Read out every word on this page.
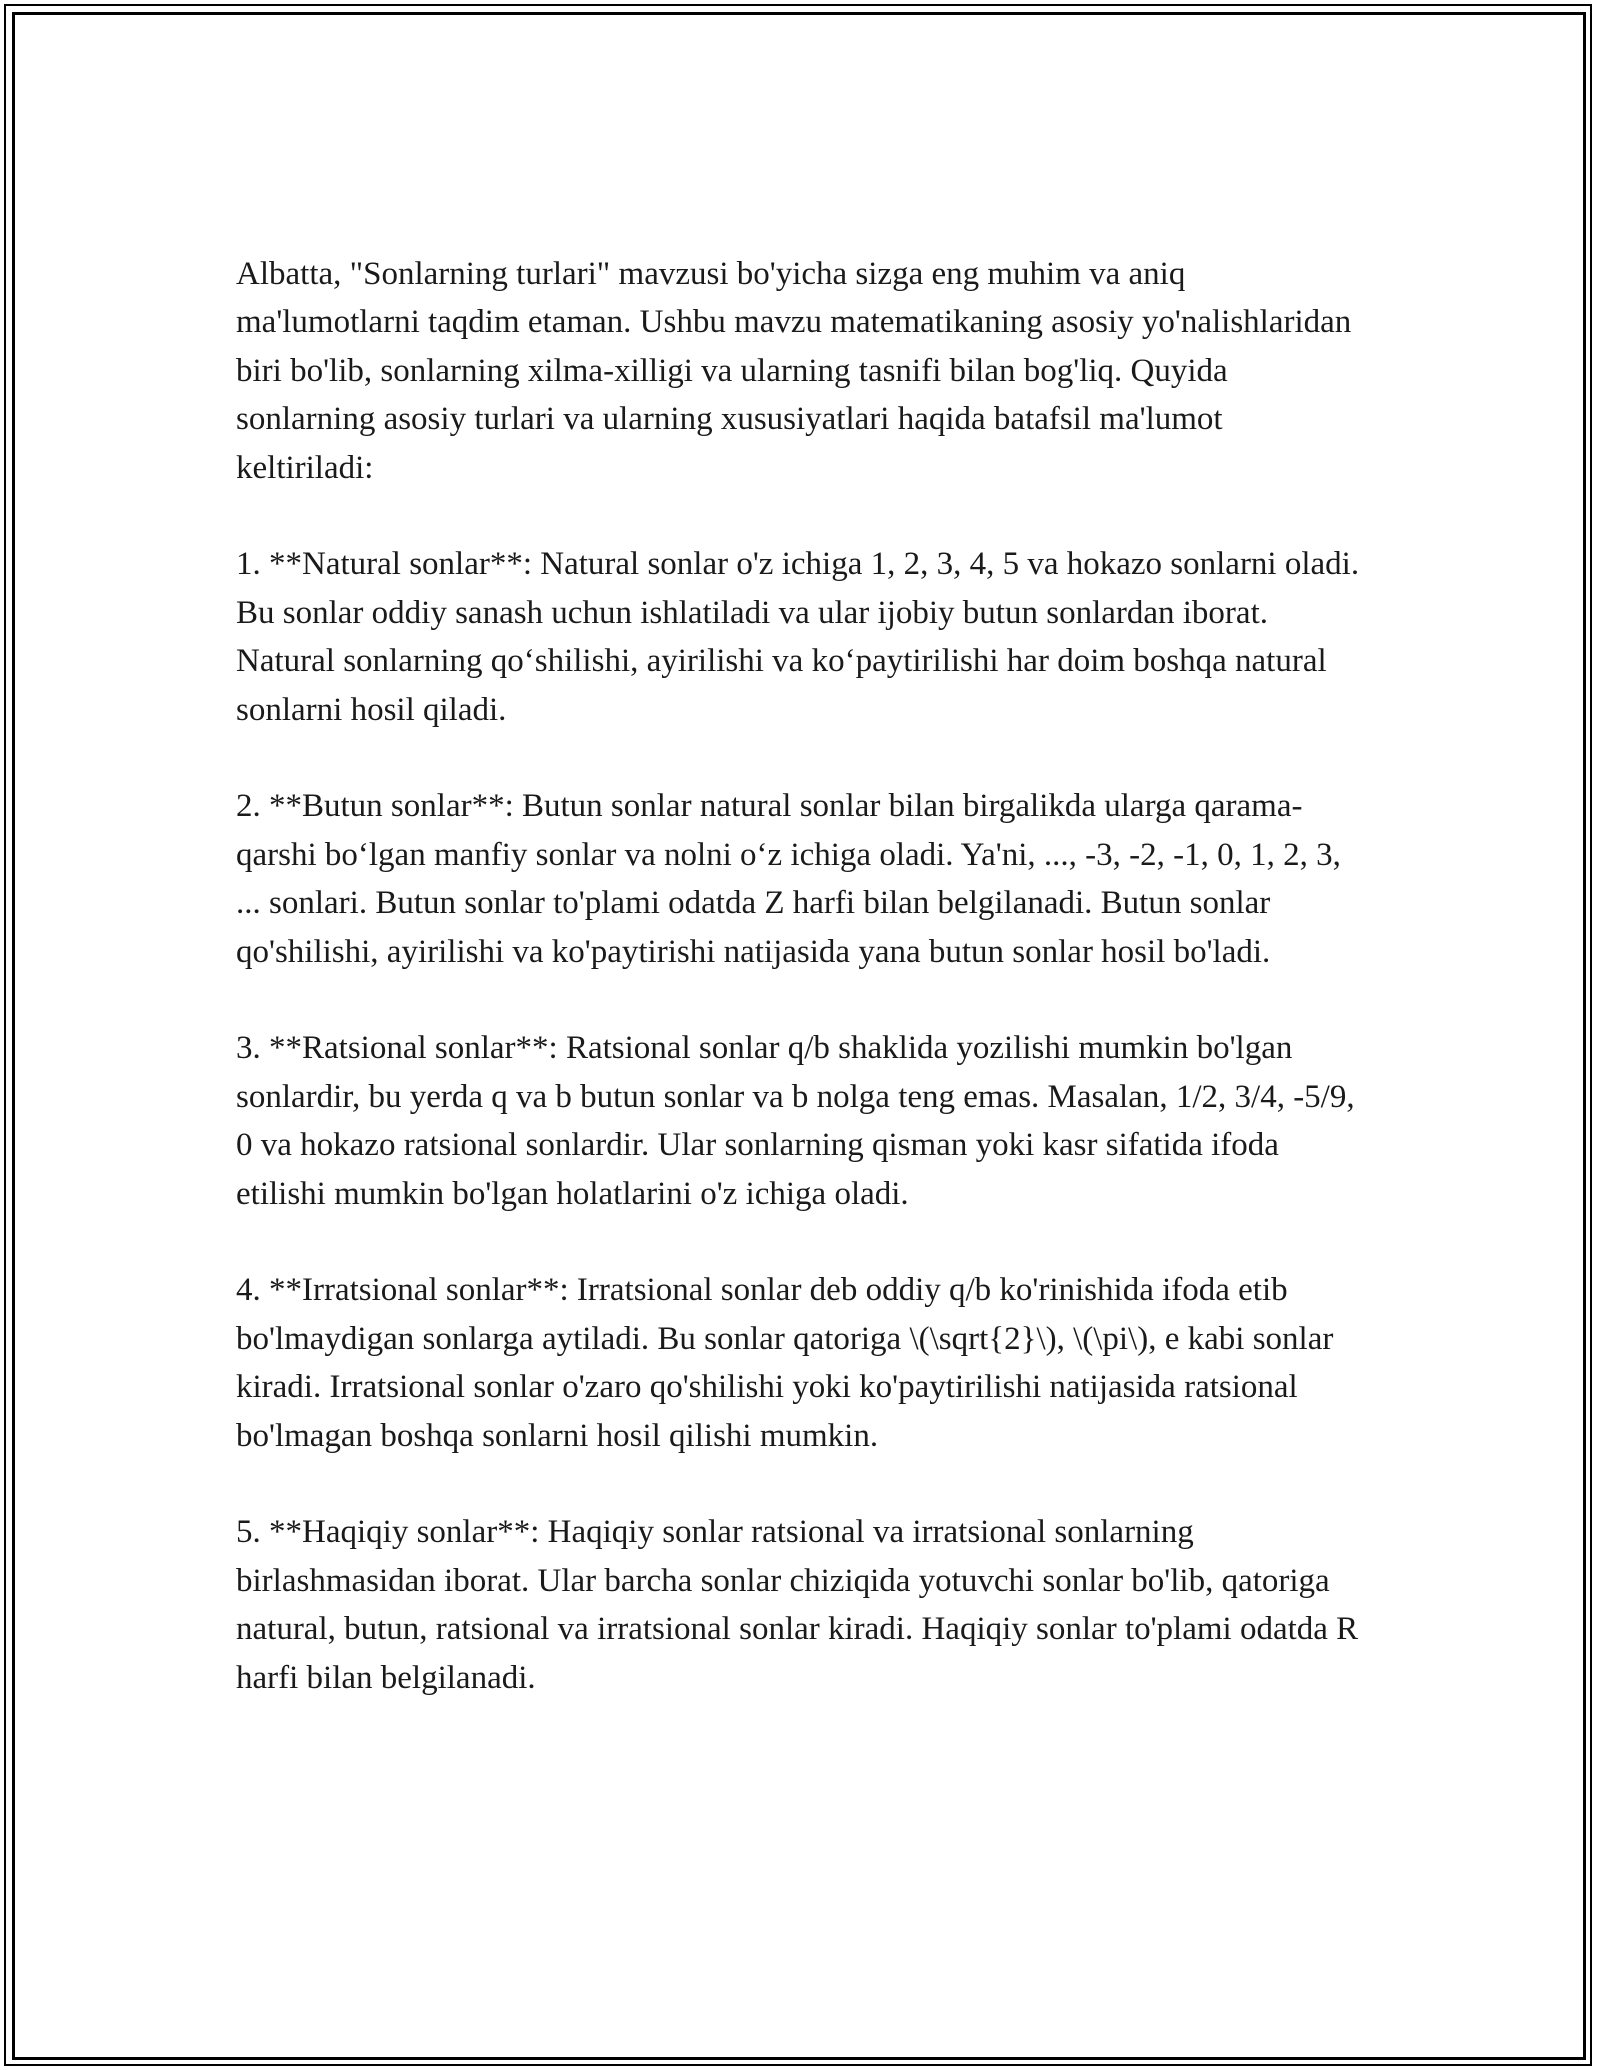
Albatta, "Sonlarning turlari" mavzusi bo'yicha sizga eng muhim va aniq ma'lumotlarni taqdim etaman. Ushbu mavzu matematikaning asosiy yo'nalishlaridan biri bo'lib, sonlarning xilma-xilligi va ularning tasnifi bilan bog'liq. Quyida sonlarning asosiy turlari va ularning xususiyatlari haqida batafsil ma'lumot keltiriladi:

1. **Natural sonlar**: Natural sonlar o'z ichiga 1, 2, 3, 4, 5 va hokazo sonlarni oladi. Bu sonlar oddiy sanash uchun ishlatiladi va ular ijobiy butun sonlardan iborat. Natural sonlarning qo‘shilishi, ayirilishi va ko‘paytirilishi har doim boshqa natural sonlarni hosil qiladi.

2. **Butun sonlar**: Butun sonlar natural sonlar bilan birgalikda ularga qarama-qarshi bo‘lgan manfiy sonlar va nolni o‘z ichiga oladi. Ya'ni, ..., -3, -2, -1, 0, 1, 2, 3, ... sonlari. Butun sonlar to'plami odatda Z harfi bilan belgilanadi. Butun sonlar qo'shilishi, ayirilishi va ko'paytirishi natijasida yana butun sonlar hosil bo'ladi.

3. **Ratsional sonlar**: Ratsional sonlar q/b shaklida yozilishi mumkin bo'lgan sonlardir, bu yerda q va b butun sonlar va b nolga teng emas. Masalan, 1/2, 3/4, -5/9, 0 va hokazo ratsional sonlardir. Ular sonlarning qisman yoki kasr sifatida ifoda etilishi mumkin bo'lgan holatlarini o'z ichiga oladi.

4. **Irratsional sonlar**: Irratsional sonlar deb oddiy q/b ko'rinishida ifoda etib bo'lmaydigan sonlarga aytiladi. Bu sonlar qatoriga \(\sqrt{2}\), \(\pi\), e kabi sonlar kiradi. Irratsional sonlar o'zaro qo'shilishi yoki ko'paytirilishi natijasida ratsional bo'lmagan boshqa sonlarni hosil qilishi mumkin.

5. **Haqiqiy sonlar**: Haqiqiy sonlar ratsional va irratsional sonlarning birlashmasidan iborat. Ular barcha sonlar chiziqida yotuvchi sonlar bo'lib, qatoriga natural, butun, ratsional va irratsional sonlar kiradi. Haqiqiy sonlar to'plami odatda R harfi bilan belgilanadi.
